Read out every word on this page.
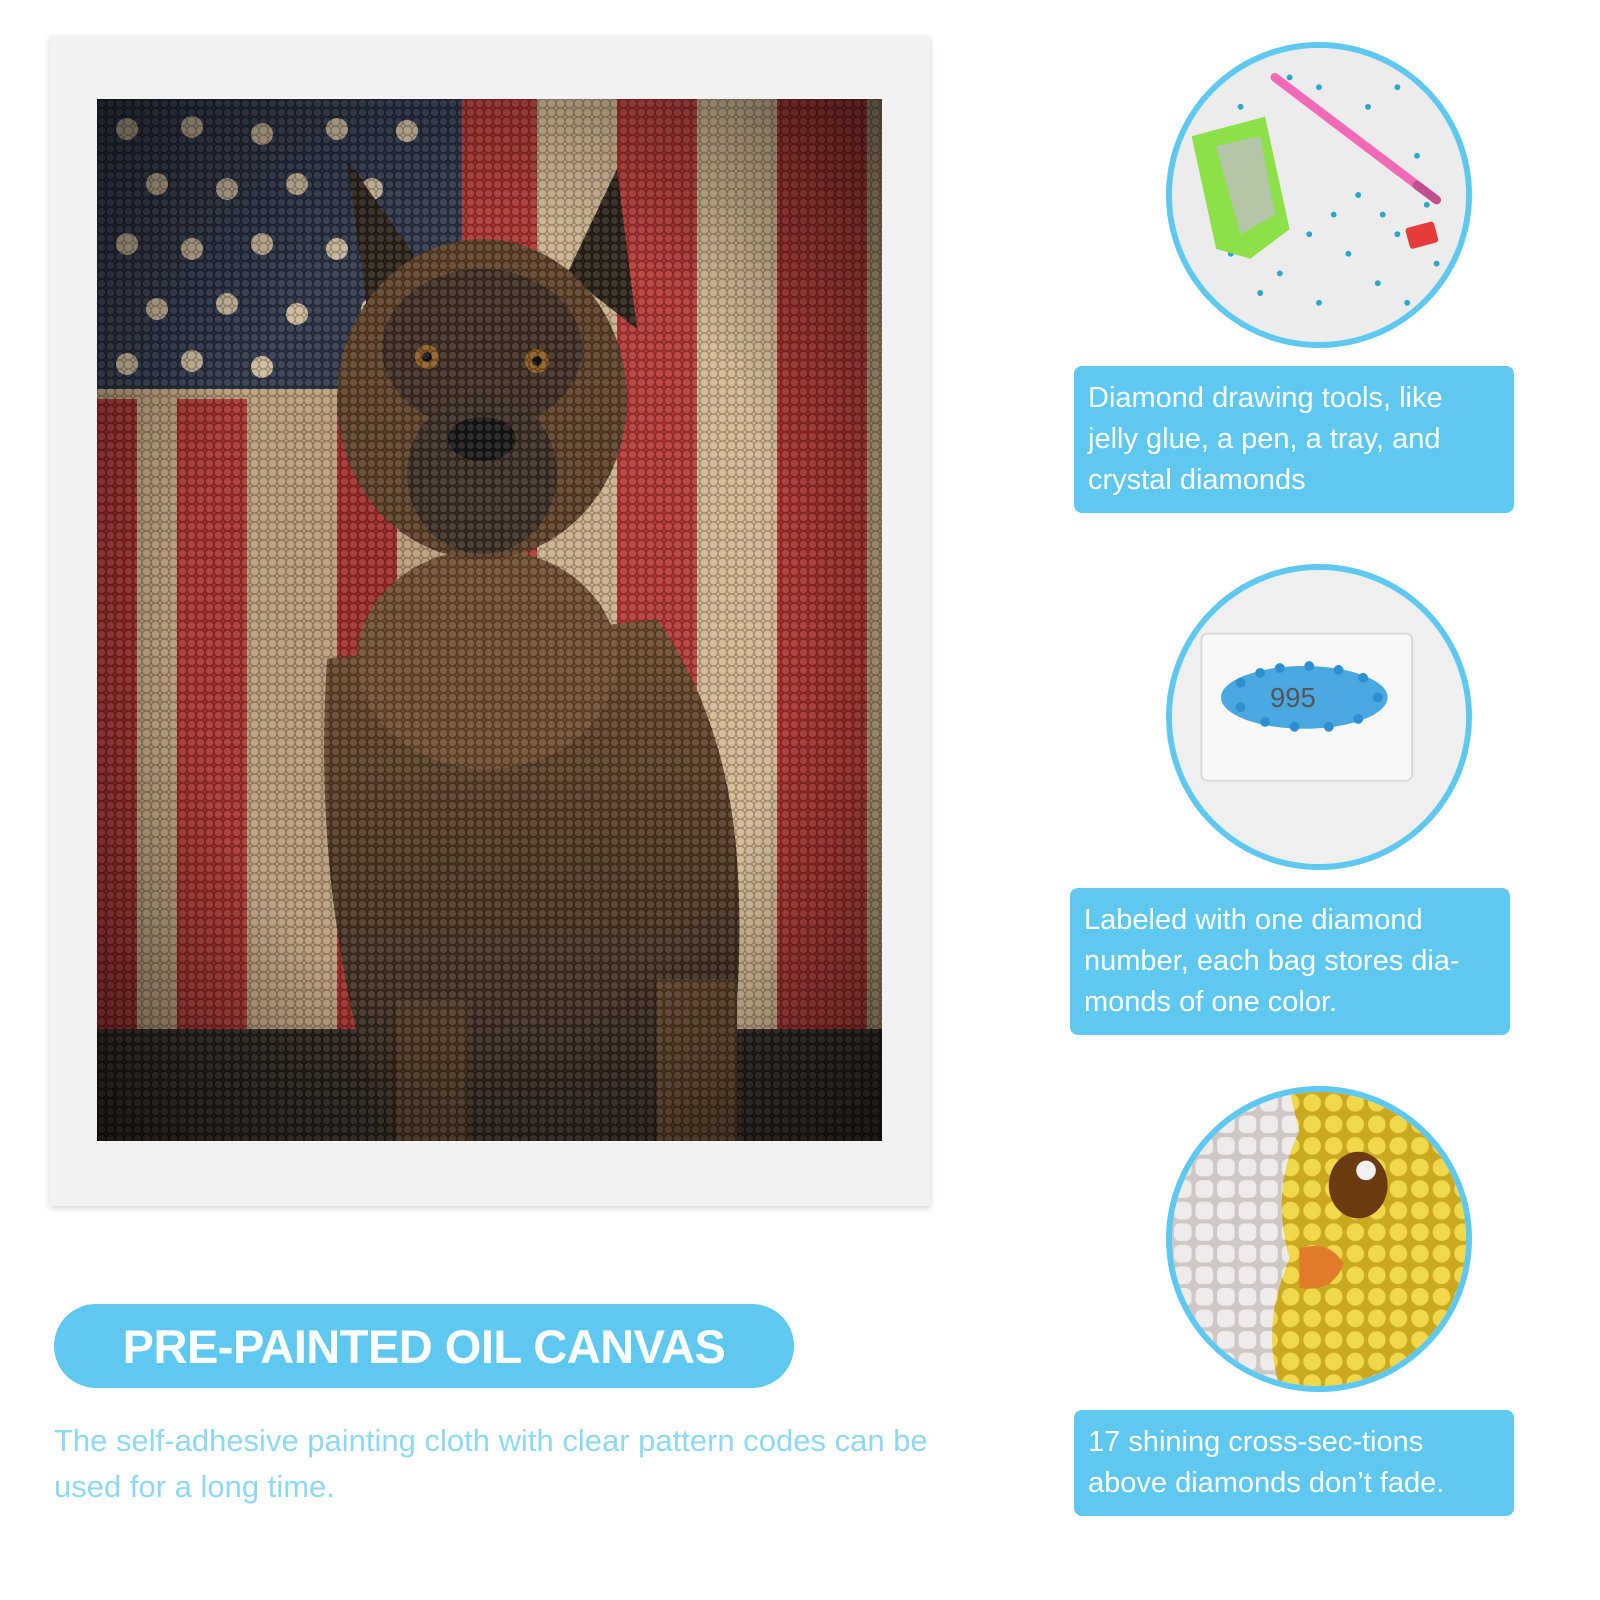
PRE-PAINTED OIL CANVAS
The self-adhesive painting cloth with clear pattern codes can be used for a long time.
Diamond drawing tools, like jelly glue, a pen, a tray, and crystal diamonds
995
Labeled with one diamond number, each bag stores dia-monds of one color.
17 shining cross-sec-tions above diamonds don’t fade.
